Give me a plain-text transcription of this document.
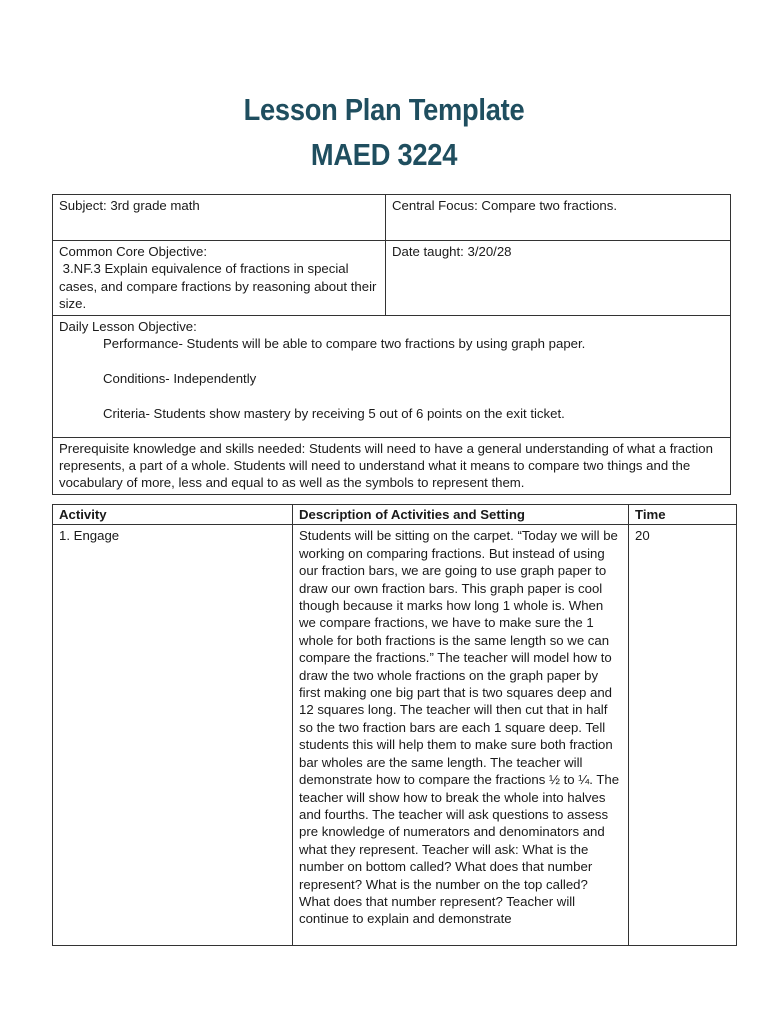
Lesson Plan Template
MAED 3224
Subject: 3rd grade math	Central Focus: Compare two fractions.

Common Core Objective:
3.NF.3 Explain equivalence of fractions in special cases, and compare fractions by reasoning about their size.	Date taught: 3/20/28

Daily Lesson Objective:
Performance- Students will be able to compare two fractions by using graph paper.
Conditions- Independently
Criteria- Students show mastery by receiving 5 out of 6 points on the exit ticket.	

Prerequisite knowledge and skills needed: Students will need to have a general understanding of what a fraction represents, a part of a whole. Students will need to understand what it means to compare two things and the vocabulary of more, less and equal to as well as the symbols to represent them.	
Activity	Description of Activities and Setting	Time
1. Engage	Students will be sitting on the carpet. “Today we will be working on comparing fractions. But instead of using our fraction bars, we are going to use graph paper to draw our own fraction bars. This graph paper is cool though because it marks how long 1 whole is. When we compare fractions, we have to make sure the 1 whole for both fractions is the same length so we can compare the fractions.” The teacher will model how to draw the two whole fractions on the graph paper by first making one big part that is two squares deep and 12 squares long. The teacher will then cut that in half so the two fraction bars are each 1 square deep. Tell students this will help them to make sure both fraction bar wholes are the same length. The teacher will demonstrate how to compare the fractions ½ to ¼. The teacher will show how to break the whole into halves and fourths. The teacher will ask questions to assess pre knowledge of numerators and denominators and what they represent. Teacher will ask: What is the number on bottom called? What does that number represent? What is the number on the top called? What does that number represent? Teacher will continue to explain and demonstrate	20
